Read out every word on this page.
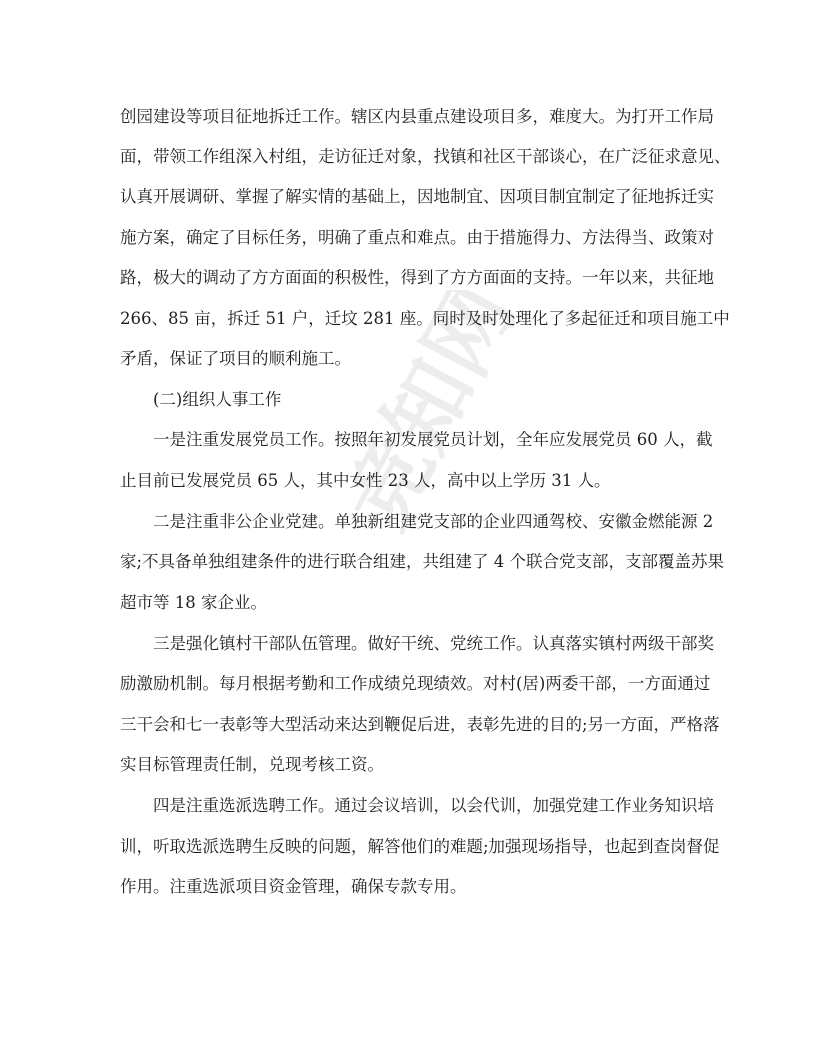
竞知网
创园建设等项目征地拆迁工作。辖区内县重点建设项目多，难度大。为打开工作局
面，带领工作组深入村组，走访征迁对象，找镇和社区干部谈心，在广泛征求意见、
认真开展调研、掌握了解实情的基础上，因地制宜、因项目制宜制定了征地拆迁实
施方案，确定了目标任务，明确了重点和难点。由于措施得力、方法得当、政策对
路，极大的调动了方方面面的积极性，得到了方方面面的支持。一年以来，共征地
266、85 亩，拆迁 51 户，迁坟 281 座。同时及时处理化了多起征迁和项目施工中
矛盾，保证了项目的顺利施工。
(二)组织人事工作
一是注重发展党员工作。按照年初发展党员计划，全年应发展党员 60 人，截
止目前已发展党员 65 人，其中女性 23 人，高中以上学历 31 人。
二是注重非公企业党建。单独新组建党支部的企业四通驾校、安徽金燃能源 2
家;不具备单独组建条件的进行联合组建，共组建了 4 个联合党支部，支部覆盖苏果
超市等 18 家企业。
三是强化镇村干部队伍管理。做好干统、党统工作。认真落实镇村两级干部奖
励激励机制。每月根据考勤和工作成绩兑现绩效。对村(居)两委干部，一方面通过
三干会和七一表彰等大型活动来达到鞭促后进，表彰先进的目的;另一方面，严格落
实目标管理责任制，兑现考核工资。
四是注重选派选聘工作。通过会议培训，以会代训，加强党建工作业务知识培
训，听取选派选聘生反映的问题，解答他们的难题;加强现场指导，也起到查岗督促
作用。注重选派项目资金管理，确保专款专用。
